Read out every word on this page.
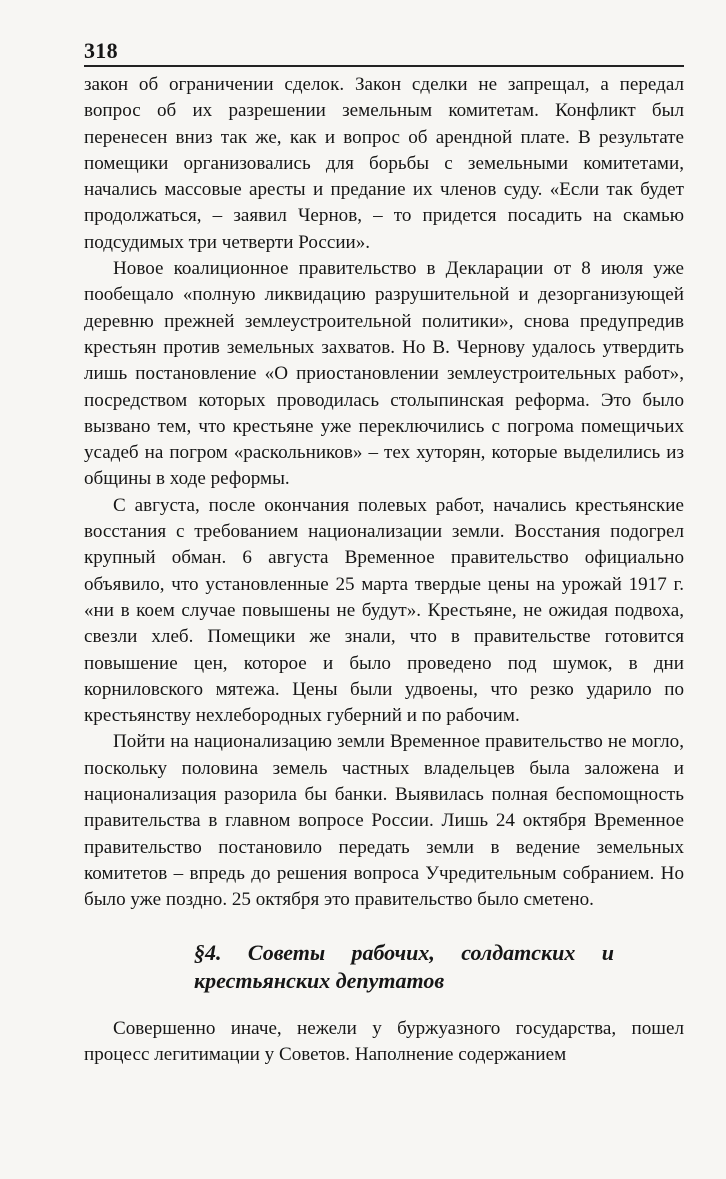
318

закон об ограничении сделок. Закон сделки не запрещал, а передал вопрос об их разрешении земельным комитетам. Конфликт был перенесен вниз так же, как и вопрос об арендной плате. В результате помещики организовались для борьбы с земельными комитетами, начались массовые аресты и предание их членов суду. «Если так будет продолжаться, – заявил Чернов, – то придется посадить на скамью подсудимых три четверти России».

Новое коалиционное правительство в Декларации от 8 июля уже пообещало «полную ликвидацию разрушительной и дезорганизующей деревню прежней землеустроительной политики», снова предупредив крестьян против земельных захватов. Но В. Чернову удалось утвердить лишь постановление «О приостановлении землеустроительных работ», посредством которых проводилась столыпинская реформа. Это было вызвано тем, что крестьяне уже переключились с погрома помещичьих усадеб на погром «раскольников» – тех хуторян, которые выделились из общины в ходе реформы.

С августа, после окончания полевых работ, начались крестьянские восстания с требованием национализации земли. Восстания подогрел крупный обман. 6 августа Временное правительство официально объявило, что установленные 25 марта твердые цены на урожай 1917 г. «ни в коем случае повышены не будут». Крестьяне, не ожидая подвоха, свезли хлеб. Помещики же знали, что в правительстве готовится повышение цен, которое и было проведено под шумок, в дни корниловского мятежа. Цены были удвоены, что резко ударило по крестьянству нехлебородных губерний и по рабочим.

Пойти на национализацию земли Временное правительство не могло, поскольку половина земель частных владельцев была заложена и национализация разорила бы банки. Выявилась полная беспомощность правительства в главном вопросе России. Лишь 24 октября Временное правительство постановило передать земли в ведение земельных комитетов – впредь до решения вопроса Учредительным собранием. Но было уже поздно. 25 октября это правительство было сметено.

§4. Советы рабочих, солдатских и
крестьянских депутатов

Совершенно иначе, нежели у буржуазного государства, пошел процесс легитимации у Советов. Наполнение содержанием
